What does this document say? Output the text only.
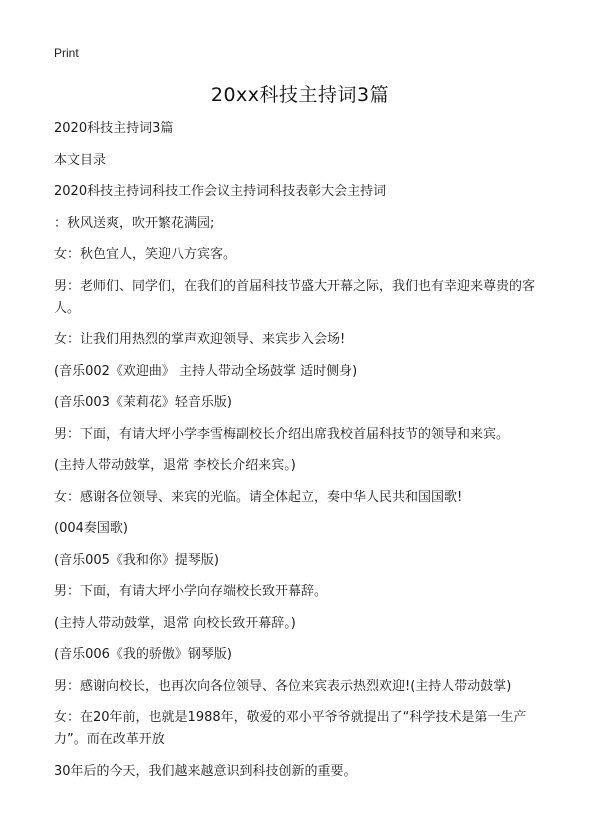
Print
20xx科技主持词3篇

2020科技主持词3篇

本文目录

2020科技主持词科技工作会议主持词科技表彰大会主持词

：秋风送爽，吹开繁花满园;

女：秋色宜人，笑迎八方宾客。

男：老师们、同学们，在我们的首届科技节盛大开幕之际，我们也有幸迎来尊贵的客人。

女：让我们用热烈的掌声欢迎领导、来宾步入会场!

(音乐002《欢迎曲》 主持人带动全场鼓掌 适时侧身)

(音乐003《茉莉花》轻音乐版)

男：下面，有请大坪小学李雪梅副校长介绍出席我校首届科技节的领导和来宾。

(主持人带动鼓掌，退常 李校长介绍来宾。)

女：感谢各位领导、来宾的光临。请全体起立，奏中华人民共和国国歌!

(004奏国歌)

(音乐005《我和你》提琴版)

男：下面，有请大坪小学向存端校长致开幕辞。

(主持人带动鼓掌，退常 向校长致开幕辞。)

(音乐006《我的骄傲》钢琴版)

男：感谢向校长，也再次向各位领导、各位来宾表示热烈欢迎!(主持人带动鼓掌)

女：在20年前，也就是1988年，敬爱的邓小平爷爷就提出了“科学技术是第一生产力”。而在改革开放

30年后的今天，我们越来越意识到科技创新的重要。
